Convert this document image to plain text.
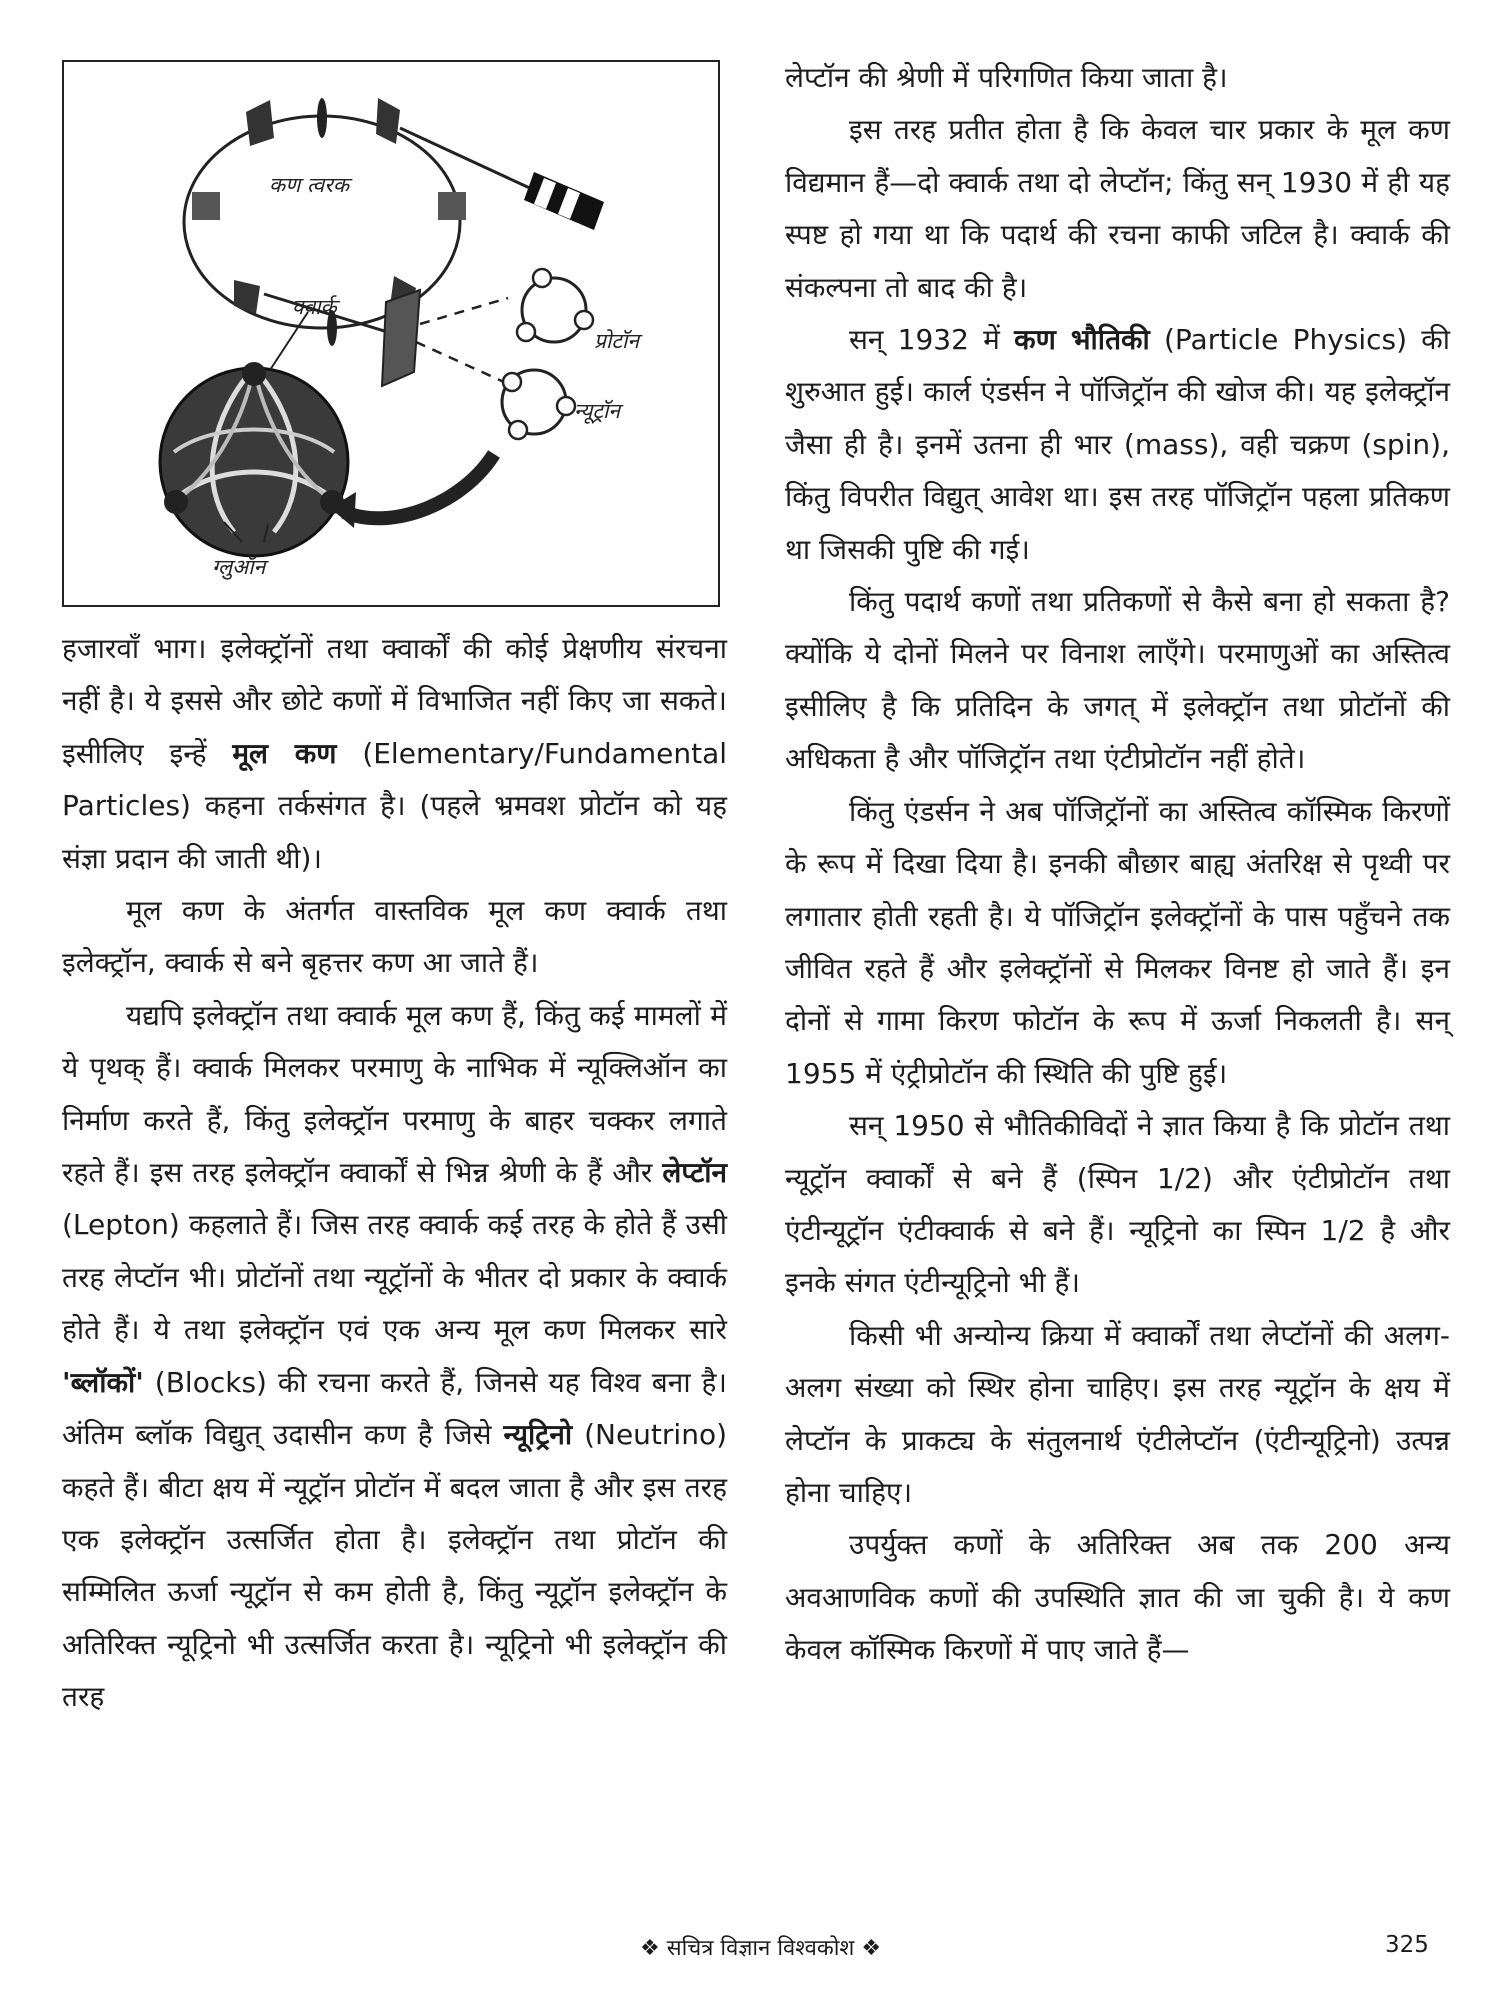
कण त्वरक
क्वार्क
प्रोटॉन
न्यूट्रॉन
ग्लुऑन

हजारवाँ भाग। इलेक्ट्रॉनों तथा क्वार्कों की कोई प्रेक्षणीय संरचना नहीं है। ये इससे और छोटे कणों में विभाजित नहीं किए जा सकते। इसीलिए इन्हें मूल कण (Elementary/Fundamental Particles) कहना तर्कसंगत है। (पहले भ्रमवश प्रोटॉन को यह संज्ञा प्रदान की जाती थी)।

मूल कण के अंतर्गत वास्तविक मूल कण क्वार्क तथा इलेक्ट्रॉन, क्वार्क से बने बृहत्तर कण आ जाते हैं।

यद्यपि इलेक्ट्रॉन तथा क्वार्क मूल कण हैं, किंतु कई मामलों में ये पृथक् हैं। क्वार्क मिलकर परमाणु के नाभिक में न्यूक्लिऑन का निर्माण करते हैं, किंतु इलेक्ट्रॉन परमाणु के बाहर चक्कर लगाते रहते हैं। इस तरह इलेक्ट्रॉन क्वार्कों से भिन्न श्रेणी के हैं और लेप्टॉन (Lepton) कहलाते हैं। जिस तरह क्वार्क कई तरह के होते हैं उसी तरह लेप्टॉन भी। प्रोटॉनों तथा न्यूट्रॉनों के भीतर दो प्रकार के क्वार्क होते हैं। ये तथा इलेक्ट्रॉन एवं एक अन्य मूल कण मिलकर सारे 'ब्लॉकों' (Blocks) की रचना करते हैं, जिनसे यह विश्व बना है। अंतिम ब्लॉक विद्युत् उदासीन कण है जिसे न्यूट्रिनो (Neutrino) कहते हैं। बीटा क्षय में न्यूट्रॉन प्रोटॉन में बदल जाता है और इस तरह एक इलेक्ट्रॉन उत्सर्जित होता है। इलेक्ट्रॉन तथा प्रोटॉन की सम्मिलित ऊर्जा न्यूट्रॉन से कम होती है, किंतु न्यूट्रॉन इलेक्ट्रॉन के अतिरिक्त न्यूट्रिनो भी उत्सर्जित करता है। न्यूट्रिनो भी इलेक्ट्रॉन की तरह

लेप्टॉन की श्रेणी में परिगणित किया जाता है।

इस तरह प्रतीत होता है कि केवल चार प्रकार के मूल कण विद्यमान हैं—दो क्वार्क तथा दो लेप्टॉन; किंतु सन् 1930 में ही यह स्पष्ट हो गया था कि पदार्थ की रचना काफी जटिल है। क्वार्क की संकल्पना तो बाद की है।

सन् 1932 में कण भौतिकी (Particle Physics) की शुरुआत हुई। कार्ल एंडर्सन ने पॉजिट्रॉन की खोज की। यह इलेक्ट्रॉन जैसा ही है। इनमें उतना ही भार (mass), वही चक्रण (spin), किंतु विपरीत विद्युत् आवेश था। इस तरह पॉजिट्रॉन पहला प्रतिकण था जिसकी पुष्टि की गई।

किंतु पदार्थ कणों तथा प्रतिकणों से कैसे बना हो सकता है? क्योंकि ये दोनों मिलने पर विनाश लाएँगे। परमाणुओं का अस्तित्व इसीलिए है कि प्रतिदिन के जगत् में इलेक्ट्रॉन तथा प्रोटॉनों की अधिकता है और पॉजिट्रॉन तथा एंटीप्रोटॉन नहीं होते।

किंतु एंडर्सन ने अब पॉजिट्रॉनों का अस्तित्व कॉस्मिक किरणों के रूप में दिखा दिया है। इनकी बौछार बाह्य अंतरिक्ष से पृथ्वी पर लगातार होती रहती है। ये पॉजिट्रॉन इलेक्ट्रॉनों के पास पहुँचने तक जीवित रहते हैं और इलेक्ट्रॉनों से मिलकर विनष्ट हो जाते हैं। इन दोनों से गामा किरण फोटॉन के रूप में ऊर्जा निकलती है। सन् 1955 में एंट्रीप्रोटॉन की स्थिति की पुष्टि हुई।

सन् 1950 से भौतिकीविदों ने ज्ञात किया है कि प्रोटॉन तथा न्यूट्रॉन क्वार्कों से बने हैं (स्पिन 1/2) और एंटीप्रोटॉन तथा एंटीन्यूट्रॉन एंटीक्वार्क से बने हैं। न्यूट्रिनो का स्पिन 1/2 है और इनके संगत एंटीन्यूट्रिनो भी हैं।

किसी भी अन्योन्य क्रिया में क्वार्कों तथा लेप्टॉनों की अलग-अलग संख्या को स्थिर होना चाहिए। इस तरह न्यूट्रॉन के क्षय में लेप्टॉन के प्राकट्य के संतुलनार्थ एंटीलेप्टॉन (एंटीन्यूट्रिनो) उत्पन्न होना चाहिए।

उपर्युक्त कणों के अतिरिक्त अब तक 200 अन्य अवआणविक कणों की उपस्थिति ज्ञात की जा चुकी है। ये कण केवल कॉस्मिक किरणों में पाए जाते हैं—

❖ सचित्र विज्ञान विश्वकोश ❖	325
